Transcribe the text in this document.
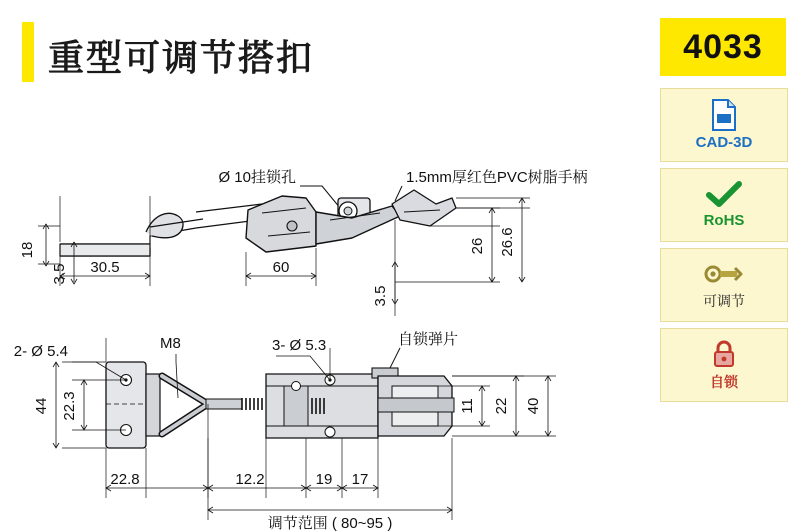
重型可调节搭扣	4033
CAD-3D
RoHS
可调节
自锁
18
3.5 30.5	60
3.5
26 26.6
Ø 10挂锁孔	1.5mm厚红色PVC树脂手柄
2- Ø 5.4	M8	3- Ø 5.3	自锁弹片
44 22.3
22.8	12.2	19 17
11 22 40
调节范围 ( 80~95 )
